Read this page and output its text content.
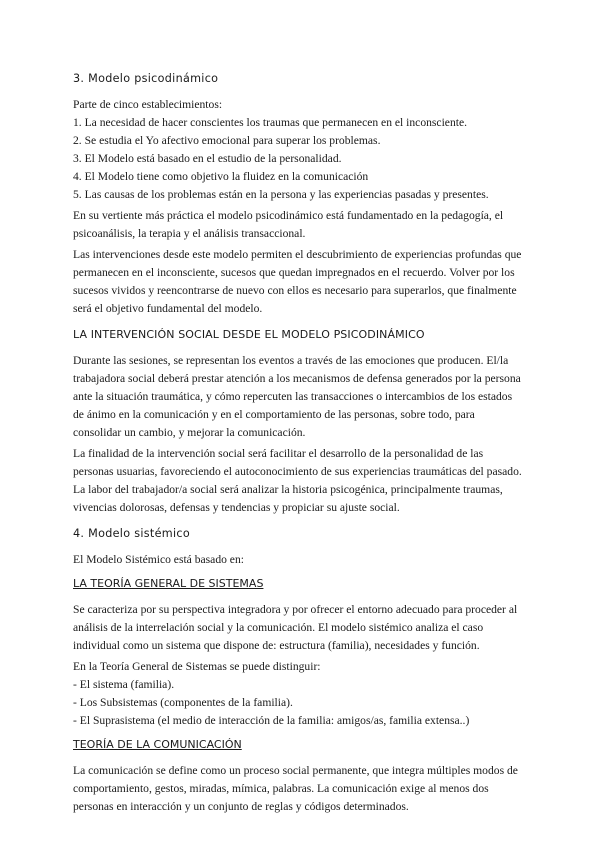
3. Modelo psicodinámico

Parte de cinco establecimientos:

1. La necesidad de hacer conscientes los traumas que permanecen en el inconsciente.

2. Se estudia el Yo afectivo emocional para superar los problemas.

3. El Modelo está basado en el estudio de la personalidad.

4. El Modelo tiene como objetivo la fluidez en la comunicación

5. Las causas de los problemas están en la persona y las experiencias pasadas y presentes.

En su vertiente más práctica el modelo psicodinámico está fundamentado en la pedagogía, el psicoanálisis, la terapia y el análisis transaccional.

Las intervenciones desde este modelo permiten el descubrimiento de experiencias profundas que permanecen en el inconsciente, sucesos que quedan impregnados en el recuerdo. Volver por los sucesos vividos y reencontrarse de nuevo con ellos es necesario para superarlos, que finalmente será el objetivo fundamental del modelo.

LA INTERVENCIÓN SOCIAL DESDE EL MODELO PSICODINÁMICO

Durante las sesiones, se representan los eventos a través de las emociones que producen. El/la trabajadora social deberá prestar atención a los mecanismos de defensa generados por la persona ante la situación traumática, y cómo repercuten las transacciones o intercambios de los estados de ánimo en la comunicación y en el comportamiento de las personas, sobre todo, para consolidar un cambio, y mejorar la comunicación.

La finalidad de la intervención social será facilitar el desarrollo de la personalidad de las personas usuarias, favoreciendo el autoconocimiento de sus experiencias traumáticas del pasado. La labor del trabajador/a social será analizar la historia psicogénica, principalmente traumas, vivencias dolorosas, defensas y tendencias y propiciar su ajuste social.

4. Modelo sistémico

El Modelo Sistémico está basado en:

LA TEORÍA GENERAL DE SISTEMAS

Se caracteriza por su perspectiva integradora y por ofrecer el entorno adecuado para proceder al análisis de la interrelación social y la comunicación. El modelo sistémico analiza el caso individual como un sistema que dispone de: estructura (familia), necesidades y función.

En la Teoría General de Sistemas se puede distinguir:

- El sistema (familia).

- Los Subsistemas (componentes de la familia).

- El Suprasistema (el medio de interacción de la familia: amigos/as, familia extensa..)

TEORÍA DE LA COMUNICACIÓN

La comunicación se define como un proceso social permanente, que integra múltiples modos de comportamiento, gestos, miradas, mímica, palabras. La comunicación exige al menos dos personas en interacción y un conjunto de reglas y códigos determinados.
